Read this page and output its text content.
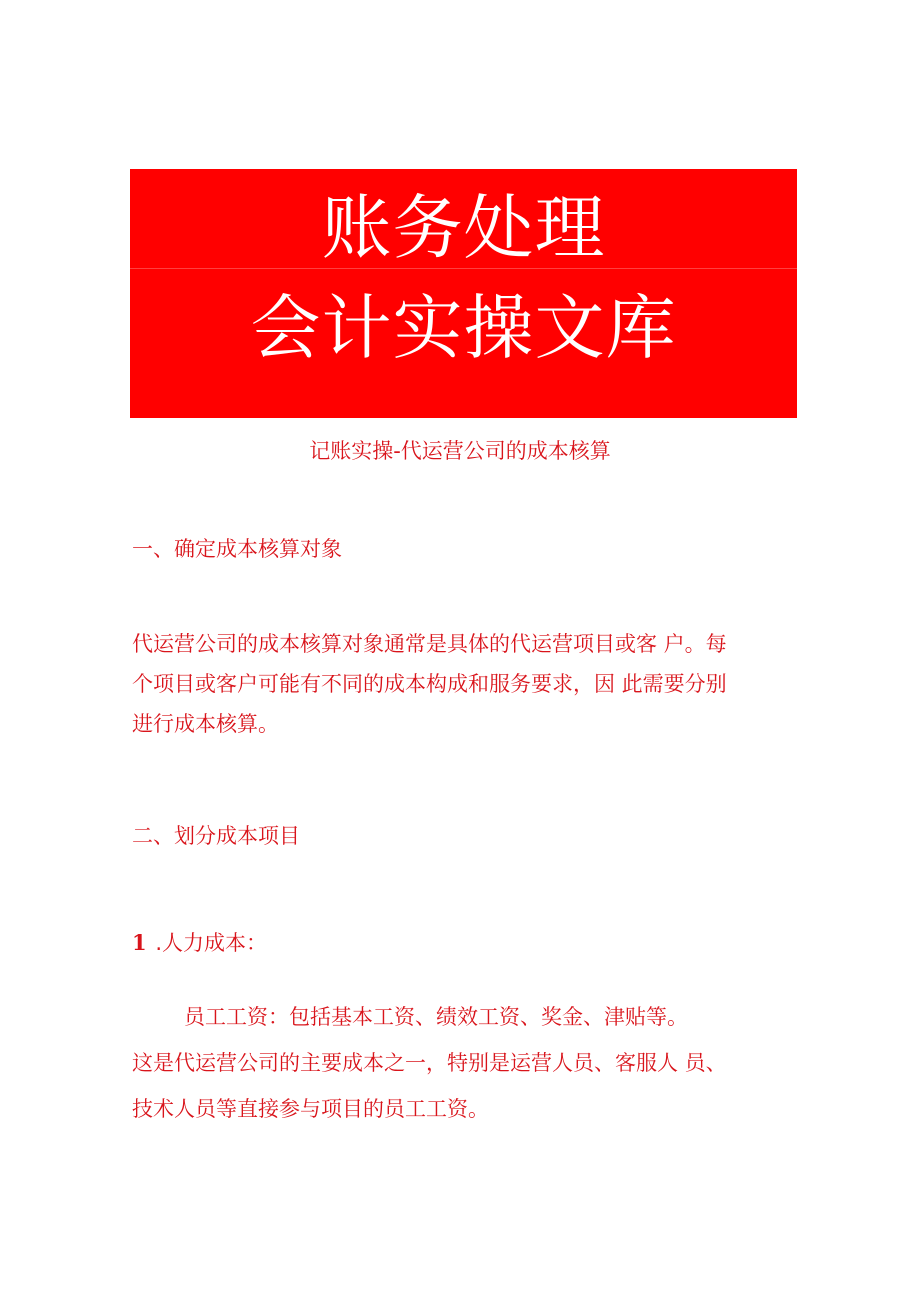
账务处理
会计实操文库
记账实操-代运营公司的成本核算
一、确定成本核算对象
代运营公司的成本核算对象通常是具体的代运营项目或客 户。每
个项目或客户可能有不同的成本构成和服务要求，因 此需要分别
进行成本核算。
二、划分成本项目
1 .人力成本：
员工工资：包括基本工资、绩效工资、奖金、津贴等。
这是代运营公司的主要成本之一，特别是运营人员、客服人 员、
技术人员等直接参与项目的员工工资。
